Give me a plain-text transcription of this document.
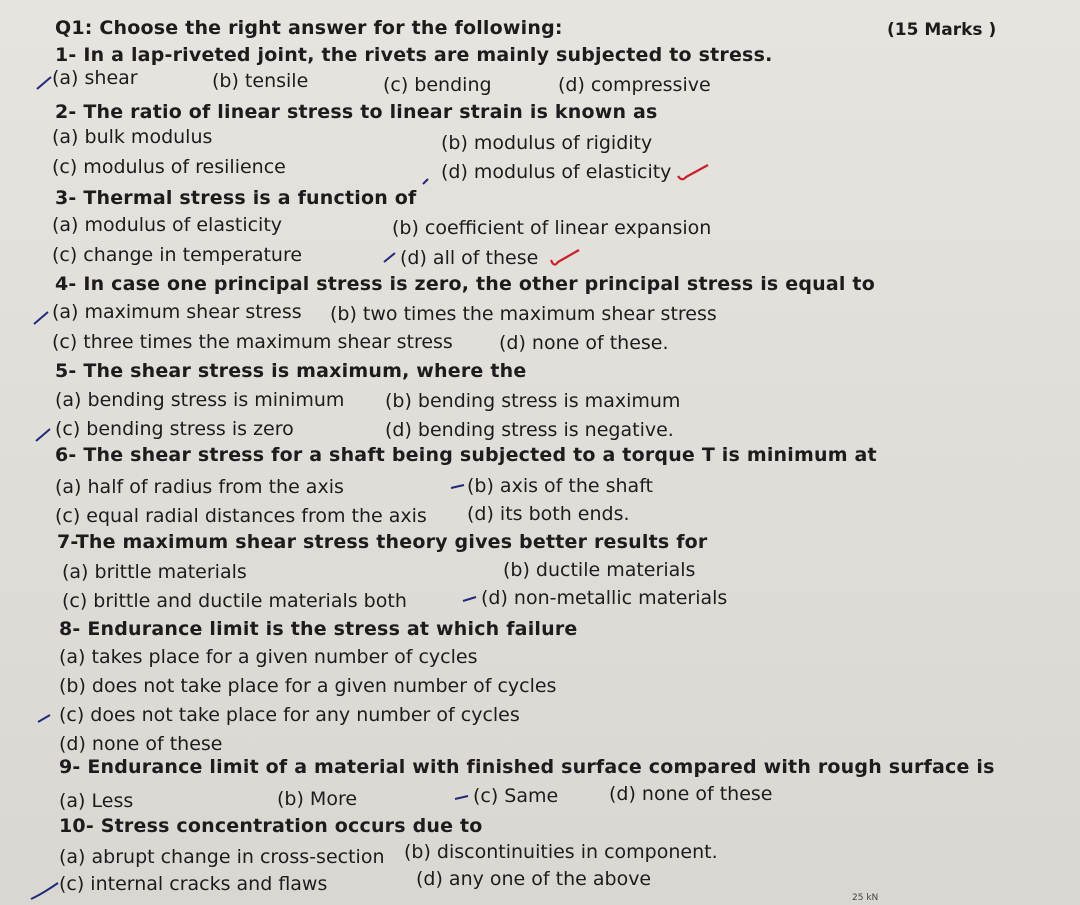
Q1: Choose the right answer for the following:	(15 Marks )
1- In a lap-riveted joint, the rivets are mainly subjected to stress.
(a) shear	(b) tensile	(c) bending	(d) compressive
2- The ratio of linear stress to linear strain is known as
(a) bulk modulus	(b) modulus of rigidity
(c) modulus of resilience	(d) modulus of elasticity
3- Thermal stress is a function of
(a) modulus of elasticity	(b) coefficient of linear expansion
(c) change in temperature	(d) all of these
4- In case one principal stress is zero, the other principal stress is equal to
(a) maximum shear stress (b) two times the maximum shear stress
(c) three times the maximum shear stress (d) none of these.
5- The shear stress is maximum, where the
(a) bending stress is minimum (b) bending stress is maximum
(c) bending stress is zero	(d) bending stress is negative.
6- The shear stress for a shaft being subjected to a torque T is minimum at
(a) half of radius from the axis	(b) axis of the shaft
(c) equal radial distances from the axis (d) its both ends.
7-The maximum shear stress theory gives better results for
(a) brittle materials	(b) ductile materials
(c) brittle and ductile materials both	(d) non-metallic materials
8- Endurance limit is the stress at which failure
(a) takes place for a given number of cycles
(b) does not take place for a given number of cycles
(c) does not take place for any number of cycles
(d) none of these
9- Endurance limit of a material with finished surface compared with rough surface is
(a) Less	(b) More	(c) Same	(d) none of these
10- Stress concentration occurs due to
(a) abrupt change in cross-section (b) discontinuities in component.
(c) internal cracks and flaws	(d) any one of the above
25 kN
